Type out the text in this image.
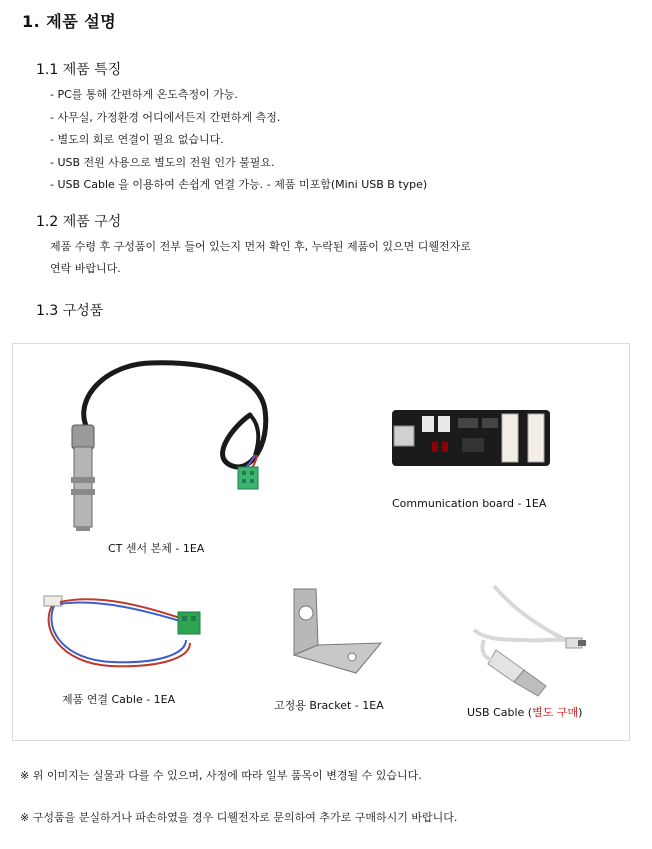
1. 제품 설명
1.1 제품 특징
- PC를 통해 간편하게 온도측정이 가능.
- 사무실, 가정환경 어디에서든지 간편하게 측정.
- 별도의 회로 연결이 필요 없습니다.
- USB 전원 사용으로 별도의 전원 인가 불필요.
- USB Cable 을 이용하여 손쉽게 연결 가능. - 제품 미포함(Mini USB B type)
1.2 제품 구성
제품 수령 후 구성품이 전부 들어 있는지 먼저 확인 후, 누락된 제품이 있으면 디웰전자로
연락 바랍니다.
1.3 구성품
CT 센서 본체 - 1EA
Communication board - 1EA
제품 연결 Cable - 1EA	고정용 Bracket - 1EA
USB Cable (별도 구매)
※ 위 이미지는 실물과 다를 수 있으며, 사정에 따라 일부 품목이 변경될 수 있습니다.
※ 구성품을 분실하거나 파손하였을 경우 디웰전자로 문의하여 추가로 구매하시기 바랍니다.
